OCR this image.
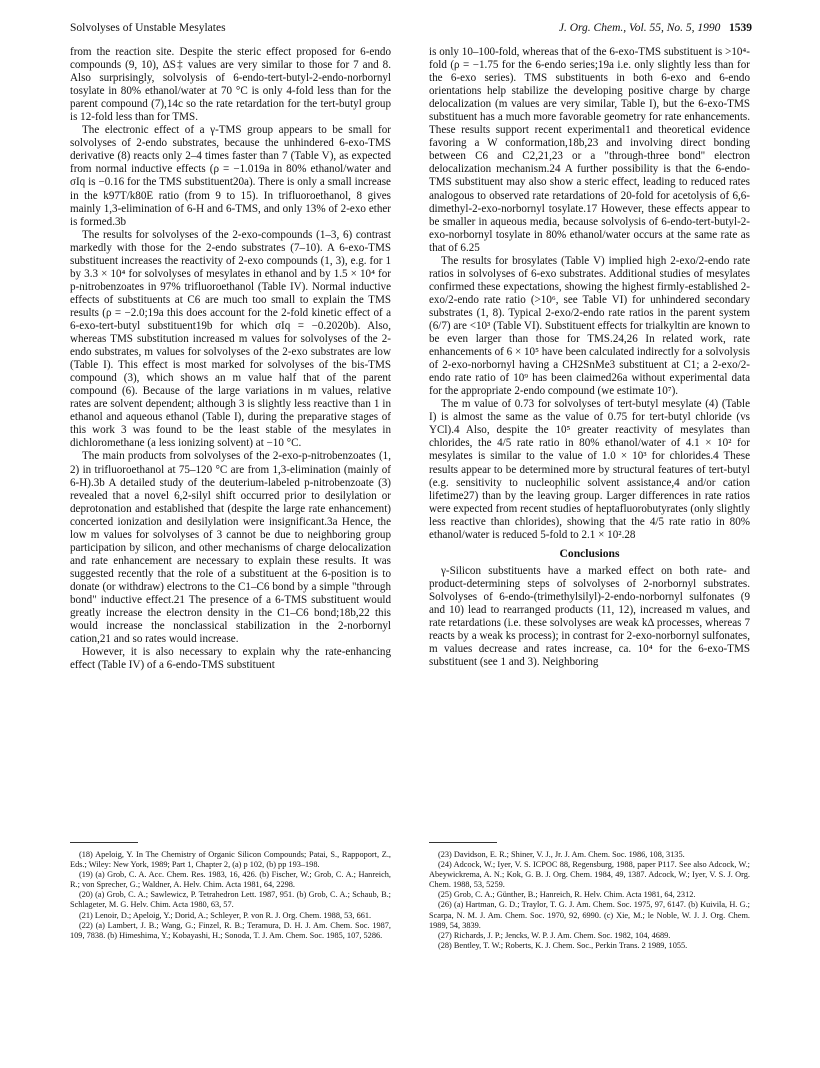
Solvolyses of Unstable Mesylates	J. Org. Chem., Vol. 55, No. 5, 1990 1539

from the reaction site. Despite the steric effect proposed for 6-endo compounds (9, 10), ΔS‡ values are very similar to those for 7 and 8. Also surprisingly, solvolysis of 6-endo-tert-butyl-2-endo-norbornyl tosylate in 80% ethanol/water at 70 °C is only 4-fold less than for the parent compound (7),14c so the rate retardation for the tert-butyl group is 12-fold less than for TMS.

The electronic effect of a γ-TMS group appears to be small for solvolyses of 2-endo substrates, because the unhindered 6-exo-TMS derivative (8) reacts only 2–4 times faster than 7 (Table V), as expected from normal inductive effects (ρ = −1.019a in 80% ethanol/water and σIq is −0.16 for the TMS substituent20a). There is only a small increase in the k97T/k80E ratio (from 9 to 15). In trifluoroethanol, 8 gives mainly 1,3-elimination of 6-H and 6-TMS, and only 13% of 2-exo ether is formed.3b

The results for solvolyses of the 2-exo-compounds (1–3, 6) contrast markedly with those for the 2-endo substrates (7–10). A 6-exo-TMS substituent increases the reactivity of 2-exo compounds (1, 3), e.g. for 1 by 3.3 × 10⁴ for solvolyses of mesylates in ethanol and by 1.5 × 10⁴ for p-nitrobenzoates in 97% trifluoroethanol (Table IV). Normal inductive effects of substituents at C6 are much too small to explain the TMS results (ρ = −2.0;19a this does account for the 2-fold kinetic effect of a 6-exo-tert-butyl substituent19b for which σIq = −0.2020b). Also, whereas TMS substitution increased m values for solvolyses of the 2-endo substrates, m values for solvolyses of the 2-exo substrates are low (Table I). This effect is most marked for solvolyses of the bis-TMS compound (3), which shows an m value half that of the parent compound (6). Because of the large variations in m values, relative rates are solvent dependent; although 3 is slightly less reactive than 1 in ethanol and aqueous ethanol (Table I), during the preparative stages of this work 3 was found to be the least stable of the mesylates in dichloromethane (a less ionizing solvent) at −10 °C.

The main products from solvolyses of the 2-exo-p-nitrobenzoates (1, 2) in trifluoroethanol at 75–120 °C are from 1,3-elimination (mainly of 6-H).3b A detailed study of the deuterium-labeled p-nitrobenzoate (3) revealed that a novel 6,2-silyl shift occurred prior to desilylation or deprotonation and established that (despite the large rate enhancement) concerted ionization and desilylation were insignificant.3a Hence, the low m values for solvolyses of 3 cannot be due to neighboring group participation by silicon, and other mechanisms of charge delocalization and rate enhancement are necessary to explain these results. It was suggested recently that the role of a substituent at the 6-position is to donate (or withdraw) electrons to the C1–C6 bond by a simple "through bond" inductive effect.21 The presence of a 6-TMS substituent would greatly increase the electron density in the C1–C6 bond;18b,22 this would increase the nonclassical stabilization in the 2-norbornyl cation,21 and so rates would increase.

However, it is also necessary to explain why the rate-enhancing effect (Table IV) of a 6-endo-TMS substituent

is only 10–100-fold, whereas that of the 6-exo-TMS substituent is >10⁴-fold (ρ = −1.75 for the 6-endo series;19a i.e. only slightly less than for the 6-exo series). TMS substituents in both 6-exo and 6-endo orientations help stabilize the developing positive charge by charge delocalization (m values are very similar, Table I), but the 6-exo-TMS substituent has a much more favorable geometry for rate enhancements. These results support recent experimental1 and theoretical evidence favoring a W conformation,18b,23 and involving direct bonding between C6 and C2,21,23 or a "through-three bond" electron delocalization mechanism.24 A further possibility is that the 6-endo-TMS substituent may also show a steric effect, leading to reduced rates analogous to observed rate retardations of 20-fold for acetolysis of 6,6-dimethyl-2-exo-norbornyl tosylate.17 However, these effects appear to be smaller in aqueous media, because solvolysis of 6-endo-tert-butyl-2-exo-norbornyl tosylate in 80% ethanol/water occurs at the same rate as that of 6.25

The results for brosylates (Table V) implied high 2-exo/2-endo rate ratios in solvolyses of 6-exo substrates. Additional studies of mesylates confirmed these expectations, showing the highest firmly-established 2-exo/2-endo rate ratio (>10⁶, see Table VI) for unhindered secondary substrates (1, 8). Typical 2-exo/2-endo rate ratios in the parent system (6/7) are <10³ (Table VI). Substituent effects for trialkyltin are known to be even larger than those for TMS.24,26 In related work, rate enhancements of 6 × 10⁵ have been calculated indirectly for a solvolysis of 2-exo-norbornyl having a CH2SnMe3 substituent at C1; a 2-exo/2-endo rate ratio of 10⁹ has been claimed26a without experimental data for the appropriate 2-endo compound (we estimate 10⁷).

The m value of 0.73 for solvolyses of tert-butyl mesylate (4) (Table I) is almost the same as the value of 0.75 for tert-butyl chloride (vs YCl).4 Also, despite the 10⁵ greater reactivity of mesylates than chlorides, the 4/5 rate ratio in 80% ethanol/water of 4.1 × 10² for mesylates is similar to the value of 1.0 × 10³ for chlorides.4 These results appear to be determined more by structural features of tert-butyl (e.g. sensitivity to nucleophilic solvent assistance,4 and/or cation lifetime27) than by the leaving group. Larger differences in rate ratios were expected from recent studies of heptafluorobutyrates (only slightly less reactive than chlorides), showing that the 4/5 rate ratio in 80% ethanol/water is reduced 5-fold to 2.1 × 10².28

Conclusions

γ-Silicon substituents have a marked effect on both rate- and product-determining steps of solvolyses of 2-norbornyl substrates. Solvolyses of 6-endo-(trimethylsilyl)-2-endo-norbornyl sulfonates (9 and 10) lead to rearranged products (11, 12), increased m values, and rate retardations (i.e. these solvolyses are weak kΔ processes, whereas 7 reacts by a weak ks process); in contrast for 2-exo-norbornyl sulfonates, m values decrease and rates increase, ca. 10⁴ for the 6-exo-TMS substituent (see 1 and 3). Neighboring

(18) Apeloig, Y. In The Chemistry of Organic Silicon Compounds; Patai, S., Rappoport, Z., Eds.; Wiley: New York, 1989; Part 1, Chapter 2, (a) p 102, (b) pp 193–198.

(19) (a) Grob, C. A. Acc. Chem. Res. 1983, 16, 426. (b) Fischer, W.; Grob, C. A.; Hanreich, R.; von Sprecher, G.; Waldner, A. Helv. Chim. Acta 1981, 64, 2298.

(20) (a) Grob, C. A.; Sawlewicz, P. Tetrahedron Lett. 1987, 951. (b) Grob, C. A.; Schaub, B.; Schlageter, M. G. Helv. Chim. Acta 1980, 63, 57.

(21) Lenoir, D.; Apeloig, Y.; Dorid, A.; Schleyer, P. von R. J. Org. Chem. 1988, 53, 661.

(22) (a) Lambert, J. B.; Wang, G.; Finzel, R. B.; Teramura, D. H. J. Am. Chem. Soc. 1987, 109, 7838. (b) Himeshima, Y.; Kobayashi, H.; Sonoda, T. J. Am. Chem. Soc. 1985, 107, 5286.

(23) Davidson, E. R.; Shiner, V. J., Jr. J. Am. Chem. Soc. 1986, 108, 3135.

(24) Adcock, W.; Iyer, V. S. ICPOC 88, Regensburg, 1988, paper P117. See also Adcock, W.; Abeywickrema, A. N.; Kok, G. B. J. Org. Chem. 1984, 49, 1387. Adcock, W.; Iyer, V. S. J. Org. Chem. 1988, 53, 5259.

(25) Grob, C. A.; Günther, B.; Hanreich, R. Helv. Chim. Acta 1981, 64, 2312.

(26) (a) Hartman, G. D.; Traylor, T. G. J. Am. Chem. Soc. 1975, 97, 6147. (b) Kuivila, H. G.; Scarpa, N. M. J. Am. Chem. Soc. 1970, 92, 6990. (c) Xie, M.; le Noble, W. J. J. Org. Chem. 1989, 54, 3839.

(27) Richards, J. P.; Jencks, W. P. J. Am. Chem. Soc. 1982, 104, 4689.

(28) Bentley, T. W.; Roberts, K. J. Chem. Soc., Perkin Trans. 2 1989, 1055.
